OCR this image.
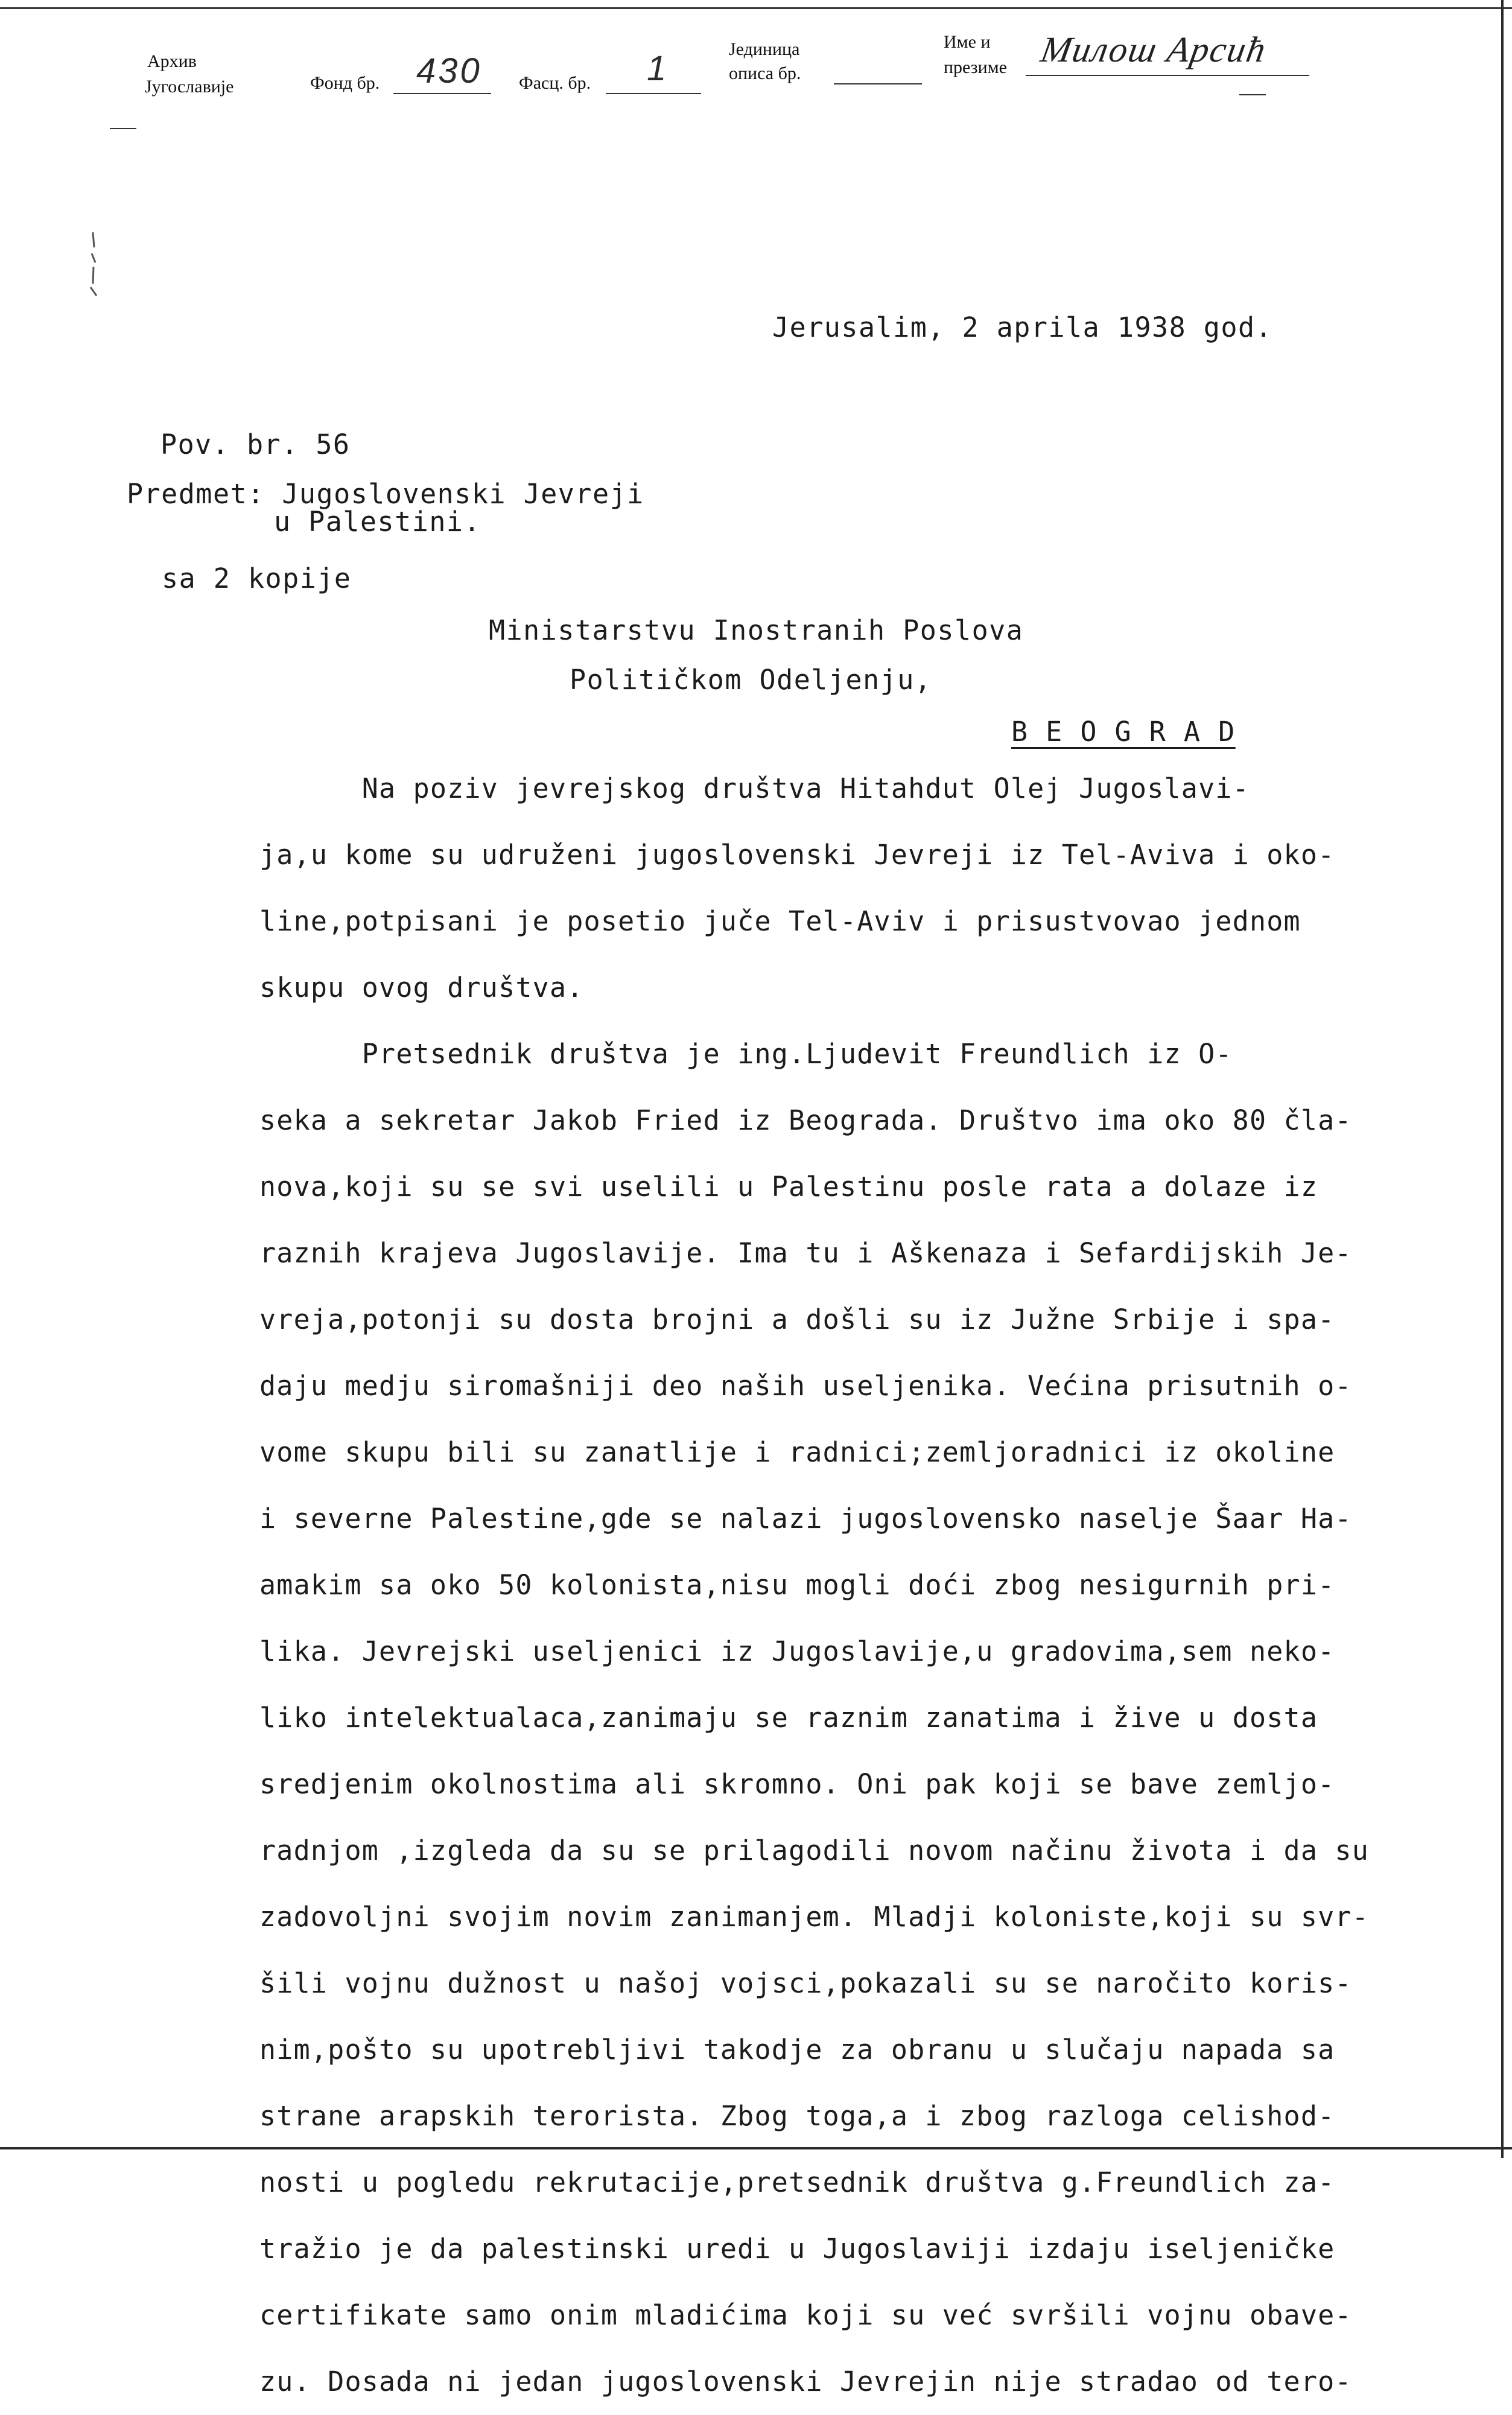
Архив
Југославије	Фонд бр. 430 Фасц. бр. 1	Јединица
описа бр.
Име и
презиме Милош Арсић
Jerusalim, 2 aprila 1938 god.
Pov. br. 56
Predmet: Jugoslovenski Jevreji
u Palestini.
sa 2 kopije
Ministarstvu Inostranih Poslova
Političkom Odeljenju,
B E O G R A D
Na poziv jevrejskog društva Hitahdut Olej Jugoslavi-
ja,u kome su udruženi jugoslovenski Jevreji iz Tel-Aviva i oko-
line,potpisani je posetio juče Tel-Aviv i prisustvovao jednom
skupu ovog društva.
Pretsednik društva je ing.Ljudevit Freundlich iz O-
seka a sekretar Jakob Fried iz Beograda. Društvo ima oko 80 čla-
nova,koji su se svi uselili u Palestinu posle rata a dolaze iz
raznih krajeva Jugoslavije. Ima tu i Aškenaza i Sefardijskih Je-
vreja,potonji su dosta brojni a došli su iz Južne Srbije i spa-
daju medju siromašniji deo naših useljenika. Većina prisutnih o-
vome skupu bili su zanatlije i radnici;zemljoradnici iz okoline
i severne Palestine,gde se nalazi jugoslovensko naselje Šaar Ha-
amakim sa oko 50 kolonista,nisu mogli doći zbog nesigurnih pri-
lika. Jevrejski useljenici iz Jugoslavije,u gradovima,sem neko-
liko intelektualaca,zanimaju se raznim zanatima i žive u dosta
sredjenim okolnostima ali skromno. Oni pak koji se bave zemljo-
radnjom ,izgleda da su se prilagodili novom načinu života i da su
zadovoljni svojim novim zanimanjem. Mladji koloniste,koji su svr-
šili vojnu dužnost u našoj vojsci,pokazali su se naročito koris-
nim,pošto su upotrebljivi takodje za obranu u slučaju napada sa
strane arapskih terorista. Zbog toga,a i zbog razloga celishod-
nosti u pogledu rekrutacije,pretsednik društva g.Freundlich za-
tražio je da palestinski uredi u Jugoslaviji izdaju iseljeničke
certifikate samo onim mladićima koji su već svršili vojnu obave-
zu. Dosada ni jedan jugoslovenski Jevrejin nije stradao od tero-
